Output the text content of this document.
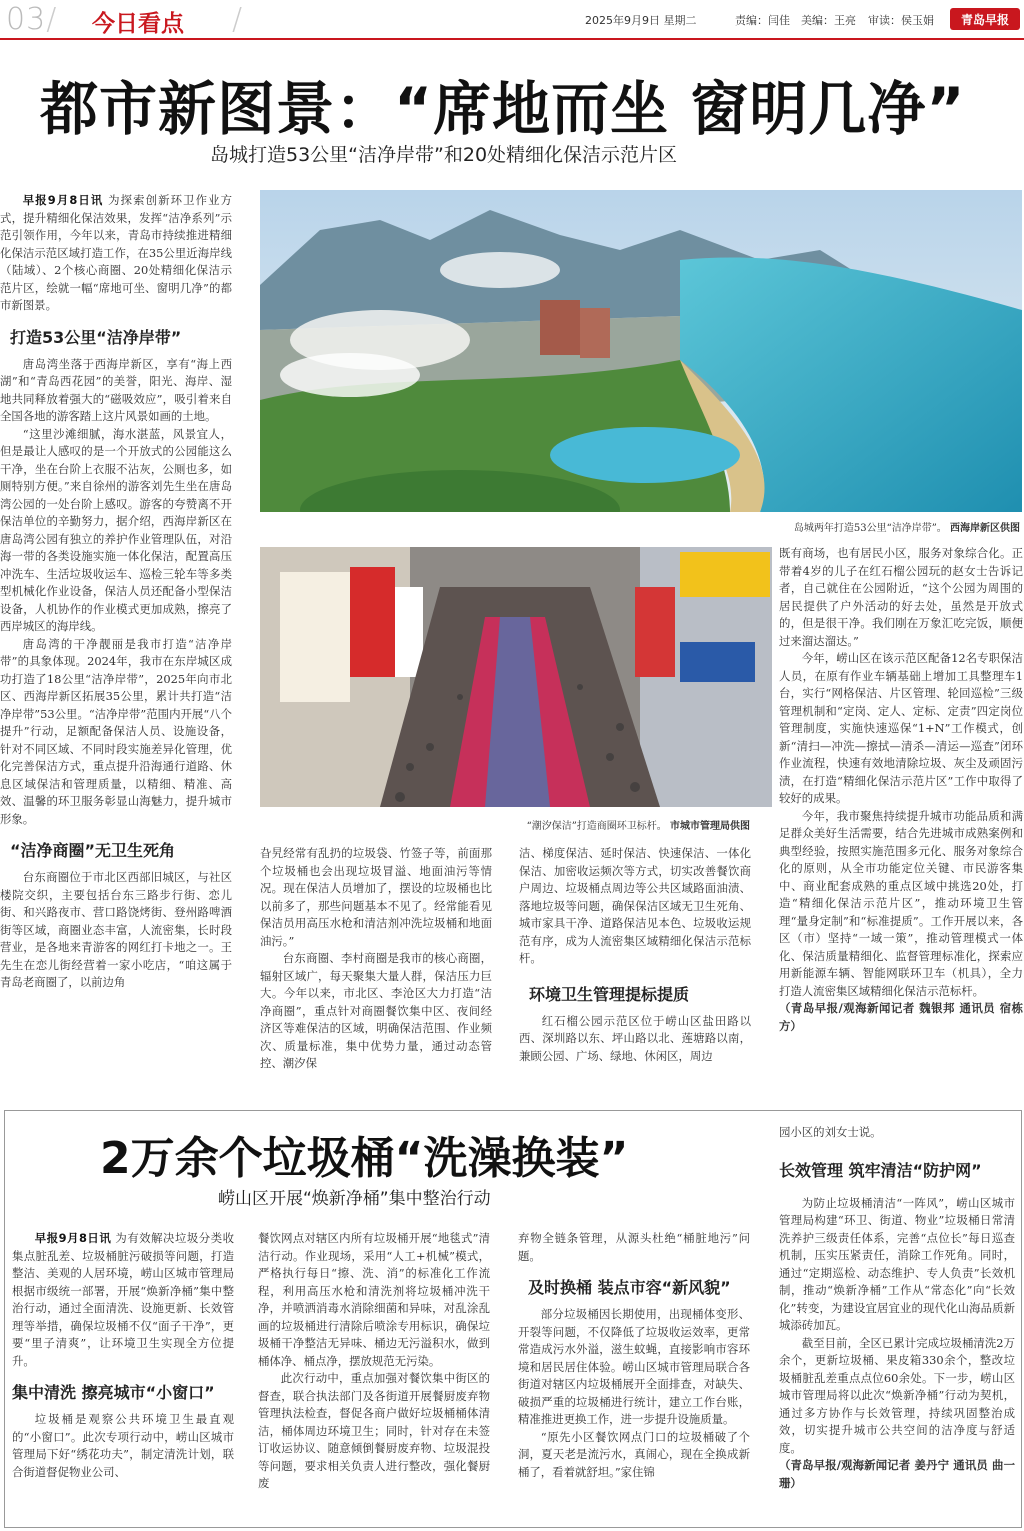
03/ 今日看点 /	2025年9月9日 星期二	责编：闫佳 美编：王亮 审读：侯玉娟	青岛早报
都市新图景：“席地而坐 窗明几净”
岛城打造53公里“洁净岸带”和20处精细化保洁示范片区
岛城两年打造53公里“洁净岸带”。 西海岸新区供图
“潮汐保洁”打造商圈环卫标杆。 市城市管理局供图

早报9月8日讯 为探索创新环卫作业方式，提升精细化保洁效果，发挥“洁净系列”示范引领作用，今年以来，青岛市持续推进精细化保洁示范区域打造工作，在35公里近海岸线（陆域）、2个核心商圈、20处精细化保洁示范片区，绘就一幅“席地可坐、窗明几净”的都市新图景。

打造53公里“洁净岸带”

唐岛湾坐落于西海岸新区，享有“海上西湖”和“青岛西花园”的美誉，阳光、海岸、湿地共同释放着强大的“磁吸效应”，吸引着来自全国各地的游客踏上这片风景如画的土地。

“这里沙滩细腻，海水湛蓝，风景宜人，但是最让人感叹的是一个开放式的公园能这么干净，坐在台阶上衣服不沾灰，公厕也多，如厕特别方便。”来自徐州的游客刘先生坐在唐岛湾公园的一处台阶上感叹。游客的夸赞离不开保洁单位的辛勤努力，据介绍，西海岸新区在唐岛湾公园有独立的养护作业管理队伍，对沿海一带的各类设施实施一体化保洁，配置高压冲洗车、生活垃圾收运车、巡检三轮车等多类型机械化作业设备，保洁人员还配备小型保洁设备，人机协作的作业模式更加成熟，擦亮了西岸城区的海岸线。

唐岛湾的干净靓丽是我市打造“洁净岸带”的具象体现。2024年，我市在东岸城区成功打造了18公里“洁净岸带”，2025年向市北区、西海岸新区拓展35公里，累计共打造“洁净岸带”53公里。“洁净岸带”范围内开展“八个提升”行动，足额配备保洁人员、设施设备，针对不同区域、不同时段实施差异化管理，优化完善保洁方式，重点提升沿海通行道路、休息区域保洁和管理质量，以精细、精准、高效、温馨的环卫服务彰显山海魅力，提升城市形象。

“洁净商圈”无卫生死角

台东商圈位于市北区西部旧城区，与社区楼院交织，主要包括台东三路步行街、恋儿街、和兴路夜市、营口路饶烤街、登州路啤酒街等区域，商圈业态丰富，人流密集，长时段营业，是各地来青游客的网红打卡地之一。王先生在恋儿街经营着一家小吃店，“咱这属于青岛老商圈了，以前边角

旮旯经常有乱扔的垃圾袋、竹签子等，前面那个垃圾桶也会出现垃圾冒溢、地面油污等情况。现在保洁人员增加了，摆设的垃圾桶也比以前多了，那些问题基本不见了。经常能看见保洁员用高压水枪和清洁剂冲洗垃圾桶和地面油污。”

台东商圈、李村商圈是我市的核心商圈，辐射区域广，每天聚集大量人群，保洁压力巨大。今年以来，市北区、李沧区大力打造“洁净商圈”，重点针对商圈餐饮集中区、夜间经济区等难保洁的区域，明确保洁范围、作业频次、质量标准，集中优势力量，通过动态管控、潮汐保

洁、梯度保洁、延时保洁、快速保洁、一体化保洁、加密收运频次等方式，切实改善餐饮商户周边、垃圾桶点周边等公共区域路面油渍、落地垃圾等问题，确保保洁区域无卫生死角、城市家具干净、道路保洁见本色、垃圾收运规范有序，成为人流密集区域精细化保洁示范标杆。

环境卫生管理提标提质

红石榴公园示范区位于崂山区盐田路以西、深圳路以东、坪山路以北、莲塘路以南，兼顾公园、广场、绿地、休闲区，周边

既有商场，也有居民小区，服务对象综合化。正带着4岁的儿子在红石榴公园玩的赵女士告诉记者，自己就住在公园附近，“这个公园为周围的居民提供了户外活动的好去处，虽然是开放式的，但是很干净。我们刚在万象汇吃完饭，顺便过来溜达溜达。”

今年，崂山区在该示范区配备12名专职保洁人员，在原有作业车辆基础上增加工具整理车1台，实行“网格保洁、片区管理、轮回巡检”三级管理机制和“定岗、定人、定标、定责”四定岗位管理制度，实施快速巡保“1+N”工作模式，创新“清扫—冲洗—擦拭—清杀—清运—巡查”闭环作业流程，快速有效地清除垃圾、灰尘及顽固污渍，在打造“精细化保洁示范片区”工作中取得了较好的成果。

今年，我市聚焦持续提升城市功能品质和满足群众美好生活需要，结合先进城市成熟案例和典型经验，按照实施范围多元化、服务对象综合化的原则，从全市功能定位关键、市民游客集中、商业配套成熟的重点区域中挑选20处，打造“精细化保洁示范片区”，推动环境卫生管理“量身定制”和“标准提质”。工作开展以来，各区（市）坚持“一域一策”，推动管理模式一体化、保洁质量精细化、监督管理标准化，探索应用新能源车辆、智能网联环卫车（机具），全力打造人流密集区域精细化保洁示范标杆。

（青岛早报/观海新闻记者 魏银邦 通讯员 宿栋方）

2万余个垃圾桶“洗澡换装”
崂山区开展“焕新净桶”集中整治行动

早报9月8日讯 为有效解决垃圾分类收集点脏乱差、垃圾桶脏污破损等问题，打造整洁、美观的人居环境，崂山区城市管理局根据市级统一部署，开展“焕新净桶”集中整治行动，通过全面清洗、设施更新、长效管理等举措，确保垃圾桶不仅“面子干净”，更要“里子清爽”，让环境卫生实现全方位提升。

集中清洗 擦亮城市“小窗口”

垃圾桶是观察公共环境卫生最直观的“小窗口”。此次专项行动中，崂山区城市管理局下好“绣花功夫”，制定清洗计划，联合街道督促物业公司、

餐饮网点对辖区内所有垃圾桶开展“地毯式”清洁行动。作业现场，采用“人工+机械”模式，严格执行每日“擦、洗、消”的标准化工作流程，利用高压水枪和清洗剂将垃圾桶冲洗干净，并喷洒消毒水消除细菌和异味，对乱涂乱画的垃圾桶进行清除后喷涂专用标识，确保垃圾桶干净整洁无异味、桶边无污溢积水，做到桶体净、桶点净，摆放规范无污染。

此次行动中，重点加强对餐饮集中街区的督查，联合执法部门及各街道开展餐厨废弃物管理执法检查，督促各商户做好垃圾桶桶体清洁，桶体周边环境卫生；同时，针对存在未签订收运协议、随意倾倒餐厨废弃物、垃圾混投等问题，要求相关负责人进行整改，强化餐厨废

弃物全链条管理，从源头杜绝“桶脏地污”问题。

及时换桶 装点市容“新风貌”

部分垃圾桶因长期使用，出现桶体变形、开裂等问题，不仅降低了垃圾收运效率，更常常造成污水外溢，滋生蚊蝇，直接影响市容环境和居民居住体验。崂山区城市管理局联合各街道对辖区内垃圾桶展开全面排查，对缺失、破损严重的垃圾桶进行统计，建立工作台账，精准推进更换工作，进一步提升设施质量。

“原先小区餐饮网点门口的垃圾桶破了个洞，夏天老是流污水，真闹心，现在全换成新桶了，看着就舒坦。”家住锦

园小区的刘女士说。

长效管理 筑牢清洁“防护网”

为防止垃圾桶清洁“一阵风”，崂山区城市管理局构建“环卫、街道、物业”垃圾桶日常清洗养护三级责任体系，完善“点位长”每日巡查机制，压实压紧责任，消除工作死角。同时，通过“定期巡检、动态维护、专人负责”长效机制，推动“焕新净桶”工作从“常态化”向“长效化”转变，为建设宜居宜业的现代化山海品质新城添砖加瓦。

截至目前，全区已累计完成垃圾桶清洗2万余个，更新垃圾桶、果皮箱330余个，整改垃圾桶脏乱差重点点位60余处。下一步，崂山区城市管理局将以此次“焕新净桶”行动为契机，通过多方协作与长效管理，持续巩固整治成效，切实提升城市公共空间的洁净度与舒适度。

（青岛早报/观海新闻记者 姜丹宁 通讯员 曲一珊）
